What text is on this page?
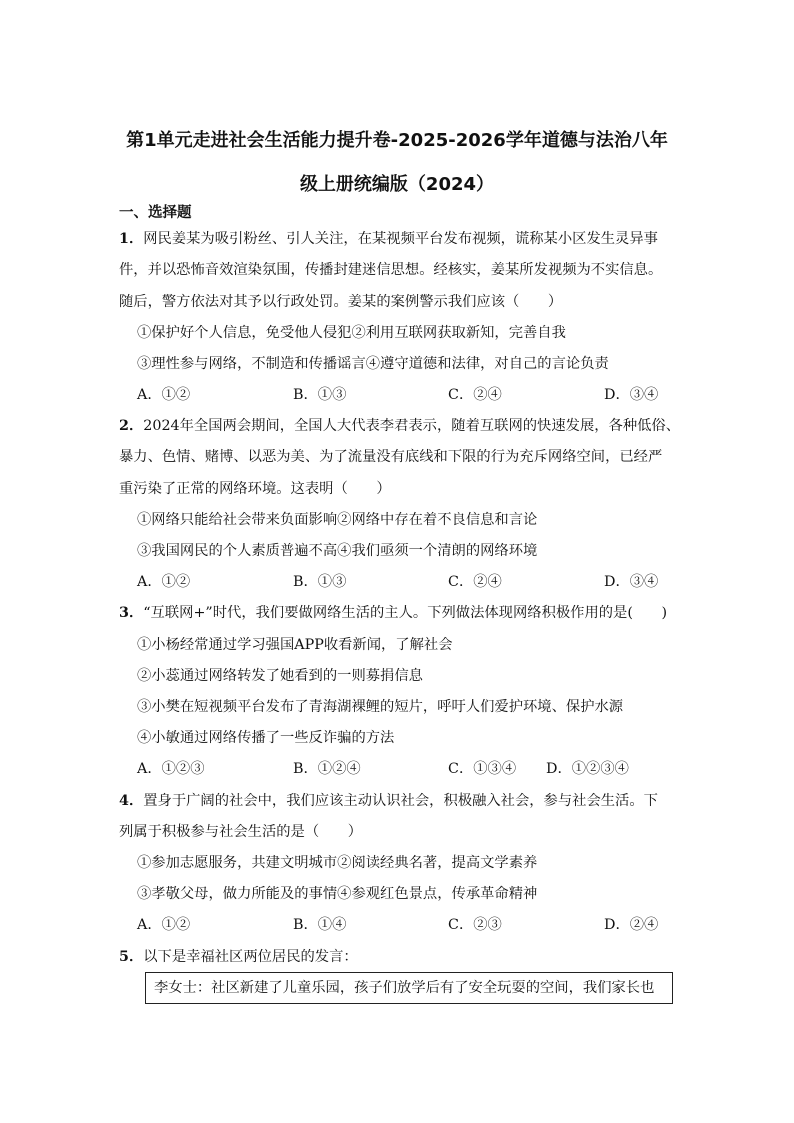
第1单元走进社会生活能力提升卷-2025-2026学年道德与法治八年
级上册统编版（2024）
一、选择题
1．网民姜某为吸引粉丝、引人关注，在某视频平台发布视频，谎称某小区发生灵异事
件，并以恐怖音效渲染氛围，传播封建迷信思想。经核实，姜某所发视频为不实信息。
随后，警方依法对其予以行政处罚。姜某的案例警示我们应该（　　）
①保护好个人信息，免受他人侵犯②利用互联网获取新知，完善自我
③理性参与网络，不制造和传播谣言④遵守道德和法律，对自己的言论负责
A．①②	B．①③	C．②④	D．③④
2．2024年全国两会期间，全国人大代表李君表示，随着互联网的快速发展，各种低俗、
暴力、色情、赌博、以恶为美、为了流量没有底线和下限的行为充斥网络空间，已经严
重污染了正常的网络环境。这表明（　　）
①网络只能给社会带来负面影响②网络中存在着不良信息和言论
③我国网民的个人素质普遍不高④我们亟须一个清朗的网络环境
A．①②	B．①③	C．②④	D．③④
3．“互联网+”时代，我们要做网络生活的主人。下列做法体现网络积极作用的是(　　)
①小杨经常通过学习强国APP收看新闻，了解社会
②小蕊通过网络转发了她看到的一则募捐信息
③小樊在短视频平台发布了青海湖裸鲤的短片，呼吁人们爱护环境、保护水源
④小敏通过网络传播了一些反诈骗的方法
A．①②③	B．①②④	C．①③④ D．①②③④
4．置身于广阔的社会中，我们应该主动认识社会，积极融入社会，参与社会生活。下
列属于积极参与社会生活的是（　　）
①参加志愿服务，共建文明城市②阅读经典名著，提高文学素养
③孝敬父母，做力所能及的事情④参观红色景点，传承革命精神
A．①②	B．①④	C．②③	D．②④
5．以下是幸福社区两位居民的发言：
李女士：社区新建了儿童乐园，孩子们放学后有了安全玩耍的空间，我们家长也
